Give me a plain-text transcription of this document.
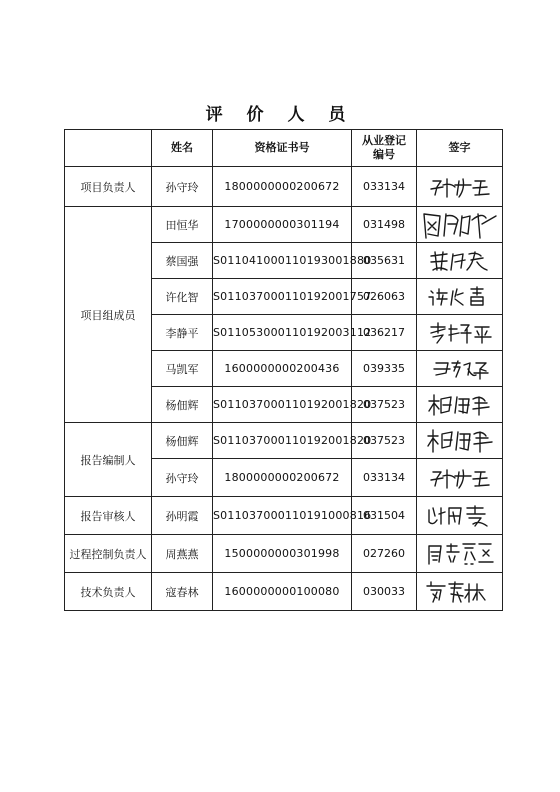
评 价 人 员
	姓名	资格证书号	从业登记编号	签字
项目负责人	孙守玲	1800000000200672	033134	

项目组成员	田恒华	1700000000301194	031498	

	蔡国强	S011041000110193001880	035631	

	许化智	S011037000110192001757	026063	

	李静平	S011053000110192003112	036217	

	马凯军	1600000000200436	039335	

	杨佃辉	S011037000110192001820	037523	

报告编制人	杨佃辉	S011037000110192001820	037523	

	孙守玲	1800000000200672	033134	

报告审核人	孙明霞	S011037000110191000816	031504	

过程控制负责人	周燕燕	1500000000301998	027260	

技术负责人	寇春林	1600000000100080	030033	
